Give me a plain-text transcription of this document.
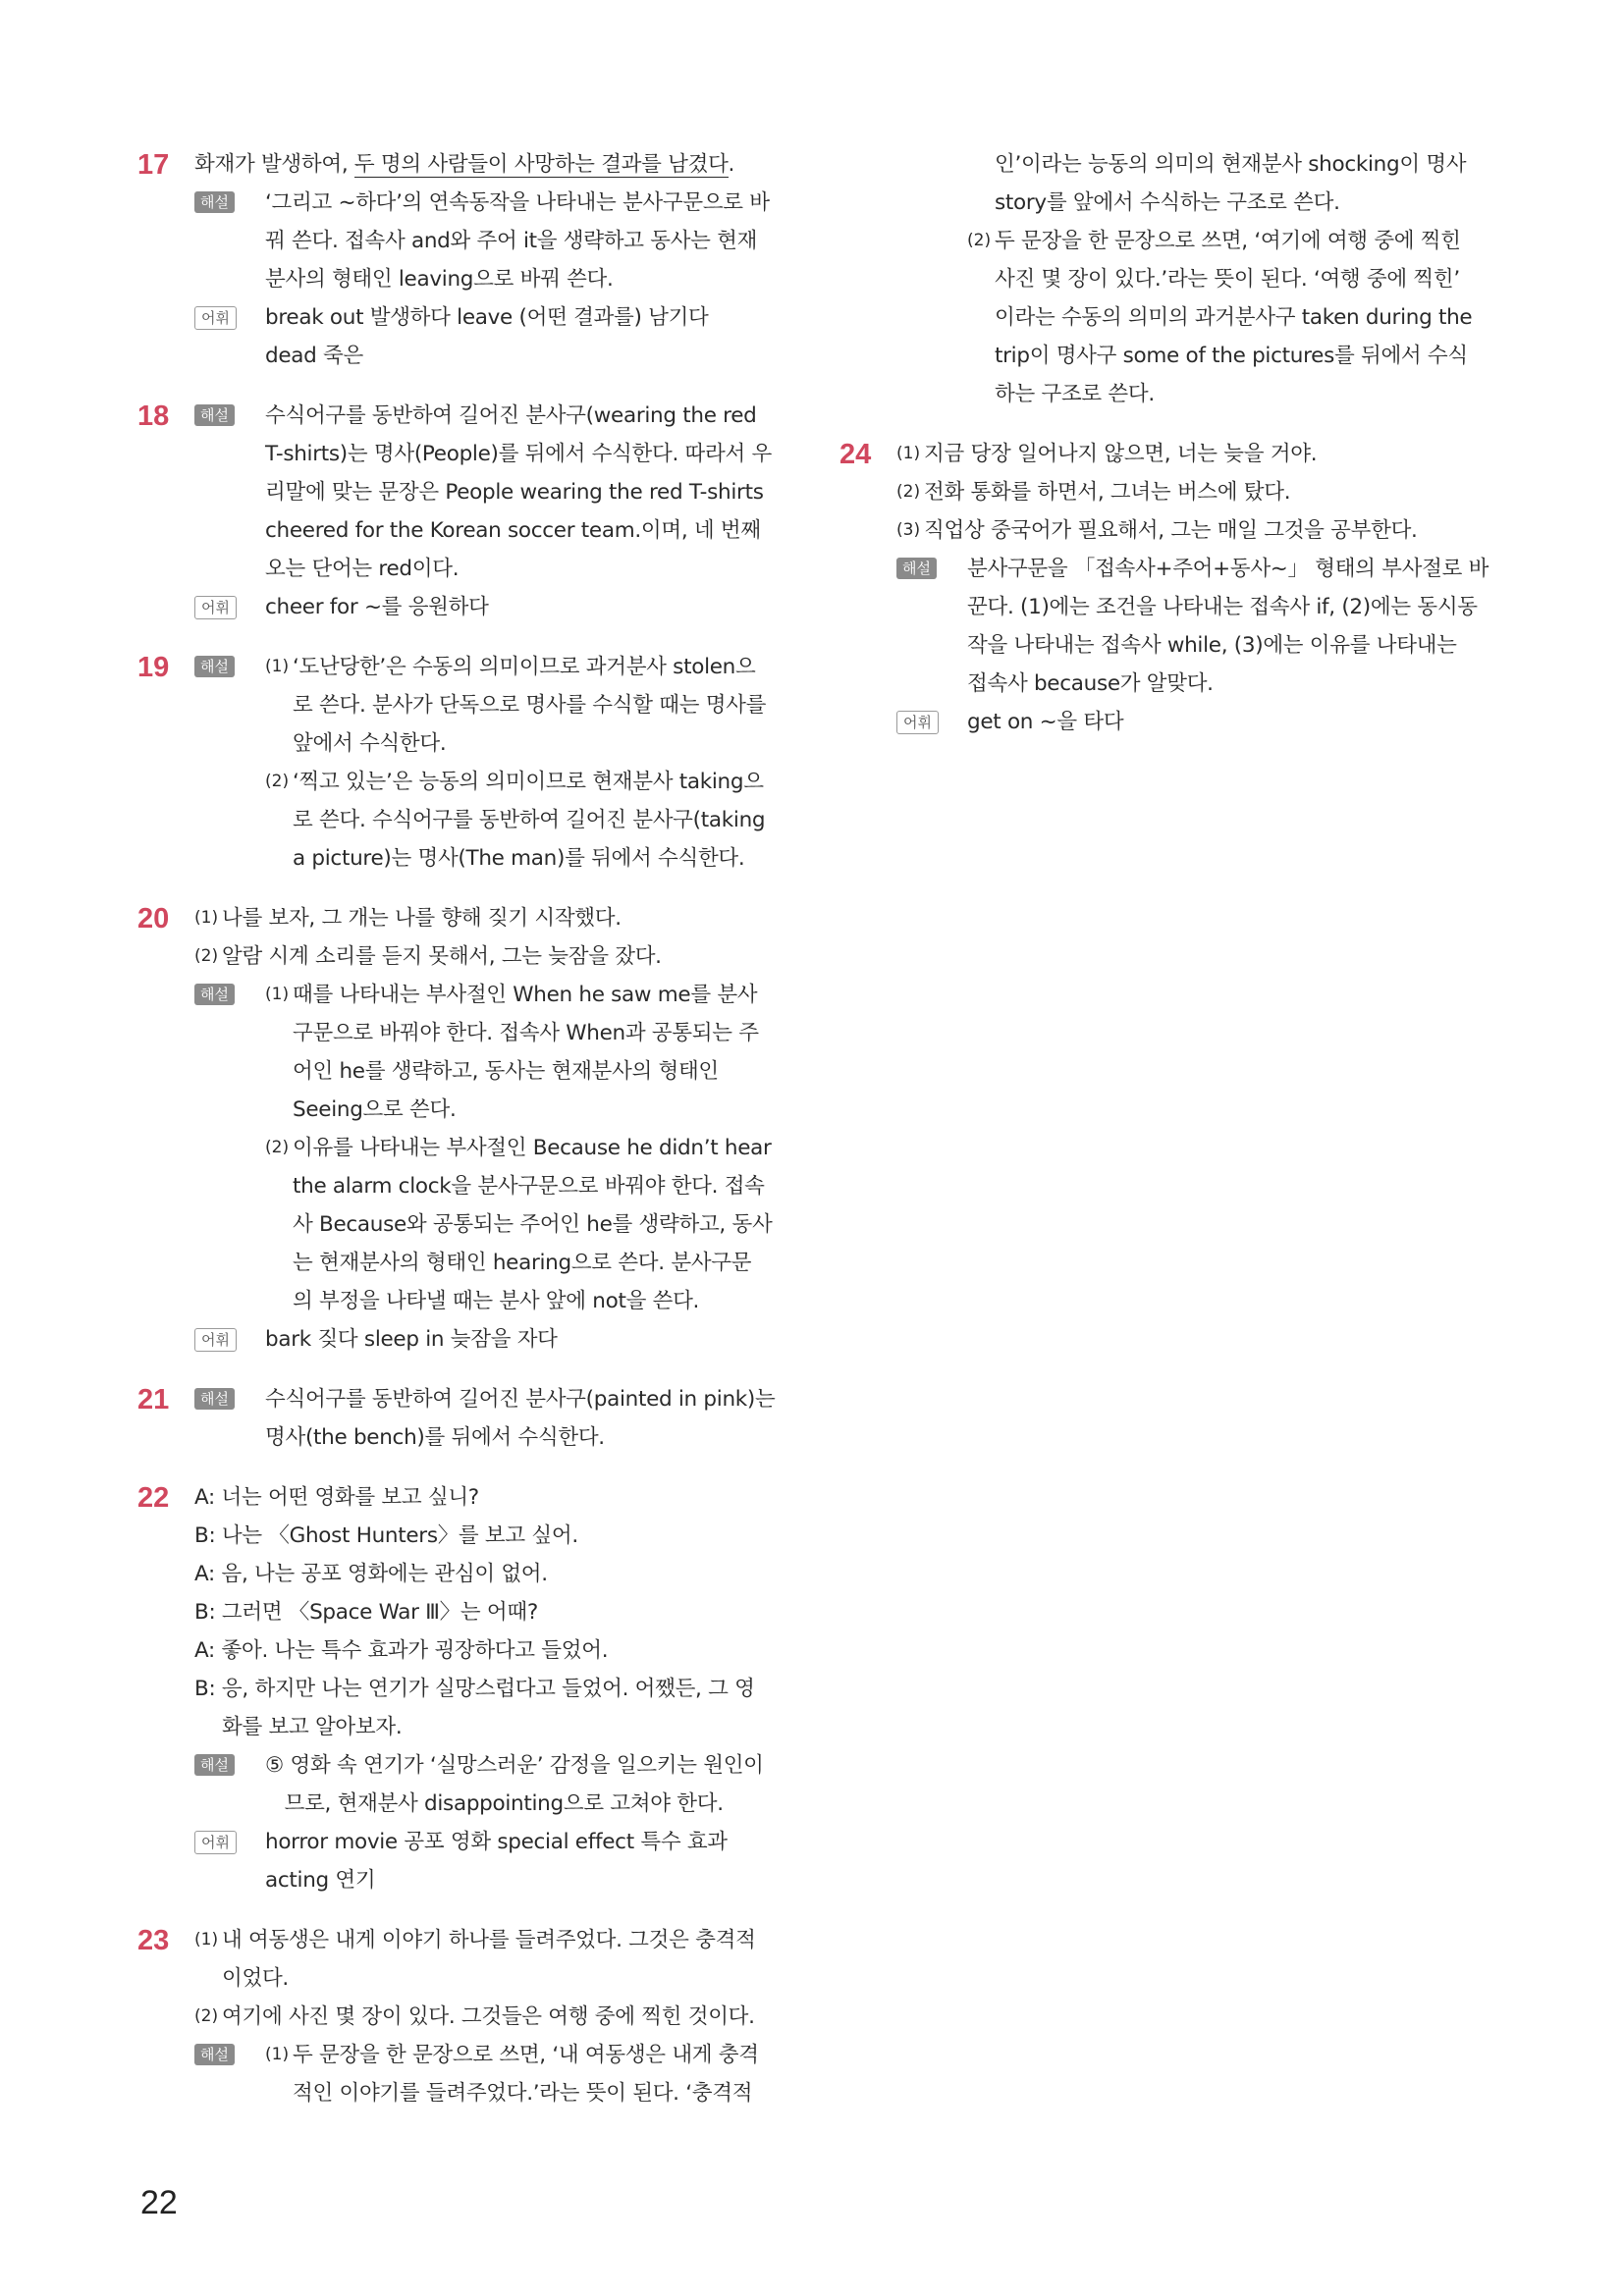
17 화재가 발생하여, 두 명의 사람들이 사망하는 결과를 남겼다.
해설 ‘그리고 ~하다’의 연속동작을 나타내는 분사구문으로 바
꿔 쓴다. 접속사 and와 주어 it을 생략하고 동사는 현재
분사의 형태인 leaving으로 바꿔 쓴다.
어휘	break out 발생하다 leave (어떤 결과를) 남기다
dead 죽은
18	해설 수식어구를 동반하여 길어진 분사구(wearing the red
T-shirts)는 명사(People)를 뒤에서 수식한다. 따라서 우
리말에 맞는 문장은 People wearing the red T-shirts
cheered for the Korean soccer team.이며, 네 번째
오는 단어는 red이다.
어휘	cheer for ~를 응원하다
19	해설	(1) ‘도난당한’은 수동의 의미이므로 과거분사 stolen으
로 쓴다. 분사가 단독으로 명사를 수식할 때는 명사를
앞에서 수식한다.
(2) ‘찍고 있는’은 능동의 의미이므로 현재분사 taking으
로 쓴다. 수식어구를 동반하여 길어진 분사구(taking
a picture)는 명사(The man)를 뒤에서 수식한다.
20 (1) 나를 보자, 그 개는 나를 향해 짖기 시작했다.
(2) 알람 시계 소리를 듣지 못해서, 그는 늦잠을 잤다.
해설	(1) 때를 나타내는 부사절인 When he saw me를 분사
구문으로 바꿔야 한다. 접속사 When과 공통되는 주
어인 he를 생략하고, 동사는 현재분사의 형태인
Seeing으로 쓴다.
(2) 이유를 나타내는 부사절인 Because he didn’t hear
the alarm clock을 분사구문으로 바꿔야 한다. 접속
사 Because와 공통되는 주어인 he를 생략하고, 동사
는 현재분사의 형태인 hearing으로 쓴다. 분사구문
의 부정을 나타낼 때는 분사 앞에 not을 쓴다.
어휘	bark 짖다 sleep in 늦잠을 자다
21	해설 수식어구를 동반하여 길어진 분사구(painted in pink)는
명사(the bench)를 뒤에서 수식한다.
22 A: 너는 어떤 영화를 보고 싶니?
B: 나는 〈Ghost Hunters〉를 보고 싶어.
A: 음, 나는 공포 영화에는 관심이 없어.
B: 그러면 〈Space War Ⅲ〉는 어때?
A: 좋아. 나는 특수 효과가 굉장하다고 들었어.
B: 응, 하지만 나는 연기가 실망스럽다고 들었어. 어쨌든, 그 영
화를 보고 알아보자.
해설 ⑤ 영화 속 연기가 ‘실망스러운’ 감정을 일으키는 원인이
므로, 현재분사 disappointing으로 고쳐야 한다.
어휘	horror movie 공포 영화 special effect 특수 효과
acting 연기
23 (1) 내 여동생은 내게 이야기 하나를 들려주었다. 그것은 충격적
이었다.
(2) 여기에 사진 몇 장이 있다. 그것들은 여행 중에 찍힌 것이다.
해설	(1) 두 문장을 한 문장으로 쓰면, ‘내 여동생은 내게 충격
적인 이야기를 들려주었다.’라는 뜻이 된다. ‘충격적
인’이라는 능동의 의미의 현재분사 shocking이 명사
story를 앞에서 수식하는 구조로 쓴다.
(2) 두 문장을 한 문장으로 쓰면, ‘여기에 여행 중에 찍힌
사진 몇 장이 있다.’라는 뜻이 된다. ‘여행 중에 찍힌’
이라는 수동의 의미의 과거분사구 taken during the
trip이 명사구 some of the pictures를 뒤에서 수식
하는 구조로 쓴다.
24 (1) 지금 당장 일어나지 않으면, 너는 늦을 거야.
(2) 전화 통화를 하면서, 그녀는 버스에 탔다.
(3) 직업상 중국어가 필요해서, 그는 매일 그것을 공부한다.
해설 분사구문을 「접속사+주어+동사~」 형태의 부사절로 바
꾼다. (1)에는 조건을 나타내는 접속사 if, (2)에는 동시동
작을 나타내는 접속사 while, (3)에는 이유를 나타내는
접속사 because가 알맞다.
어휘	get on ~을 타다
22
